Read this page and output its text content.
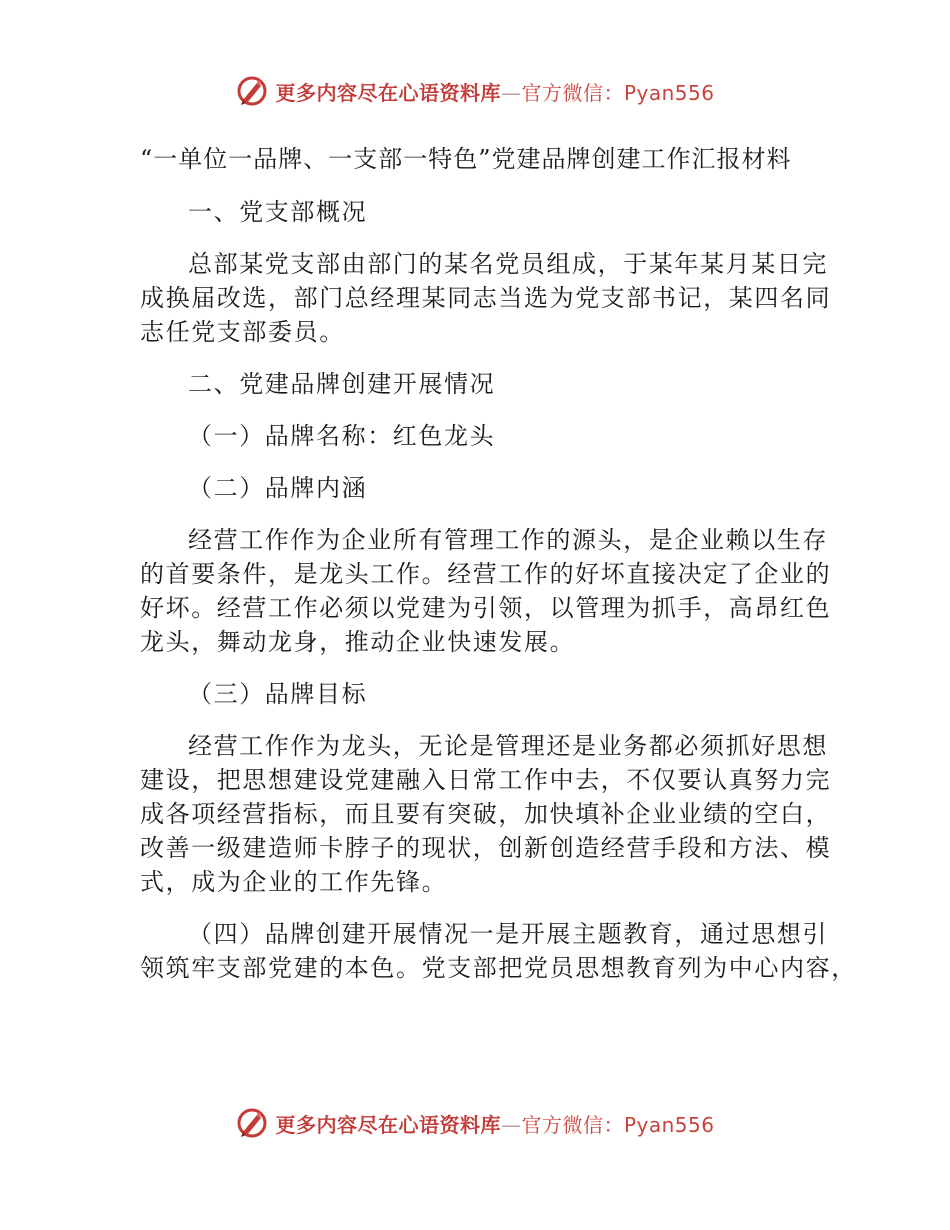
更多内容尽在心语资料库—官方微信：Pyan556

“一单位一品牌、一支部一特色”党建品牌创建工作汇报材料

一、党支部概况

总部某党支部由部门的某名党员组成，于某年某月某日完

成换届改选，部门总经理某同志当选为党支部书记，某四名同

志任党支部委员。

二、党建品牌创建开展情况

（一）品牌名称：红色龙头

（二）品牌内涵

经营工作作为企业所有管理工作的源头，是企业赖以生存

的首要条件，是龙头工作。经营工作的好坏直接决定了企业的

好坏。经营工作必须以党建为引领，以管理为抓手，高昂红色

龙头，舞动龙身，推动企业快速发展。

（三）品牌目标

经营工作作为龙头，无论是管理还是业务都必须抓好思想

建设，把思想建设党建融入日常工作中去，不仅要认真努力完

成各项经营指标，而且要有突破，加快填补企业业绩的空白，

改善一级建造师卡脖子的现状，创新创造经营手段和方法、模

式，成为企业的工作先锋。

（四）品牌创建开展情况一是开展主题教育，通过思想引

领筑牢支部党建的本色。党支部把党员思想教育列为中心内容，

更多内容尽在心语资料库—官方微信：Pyan556
